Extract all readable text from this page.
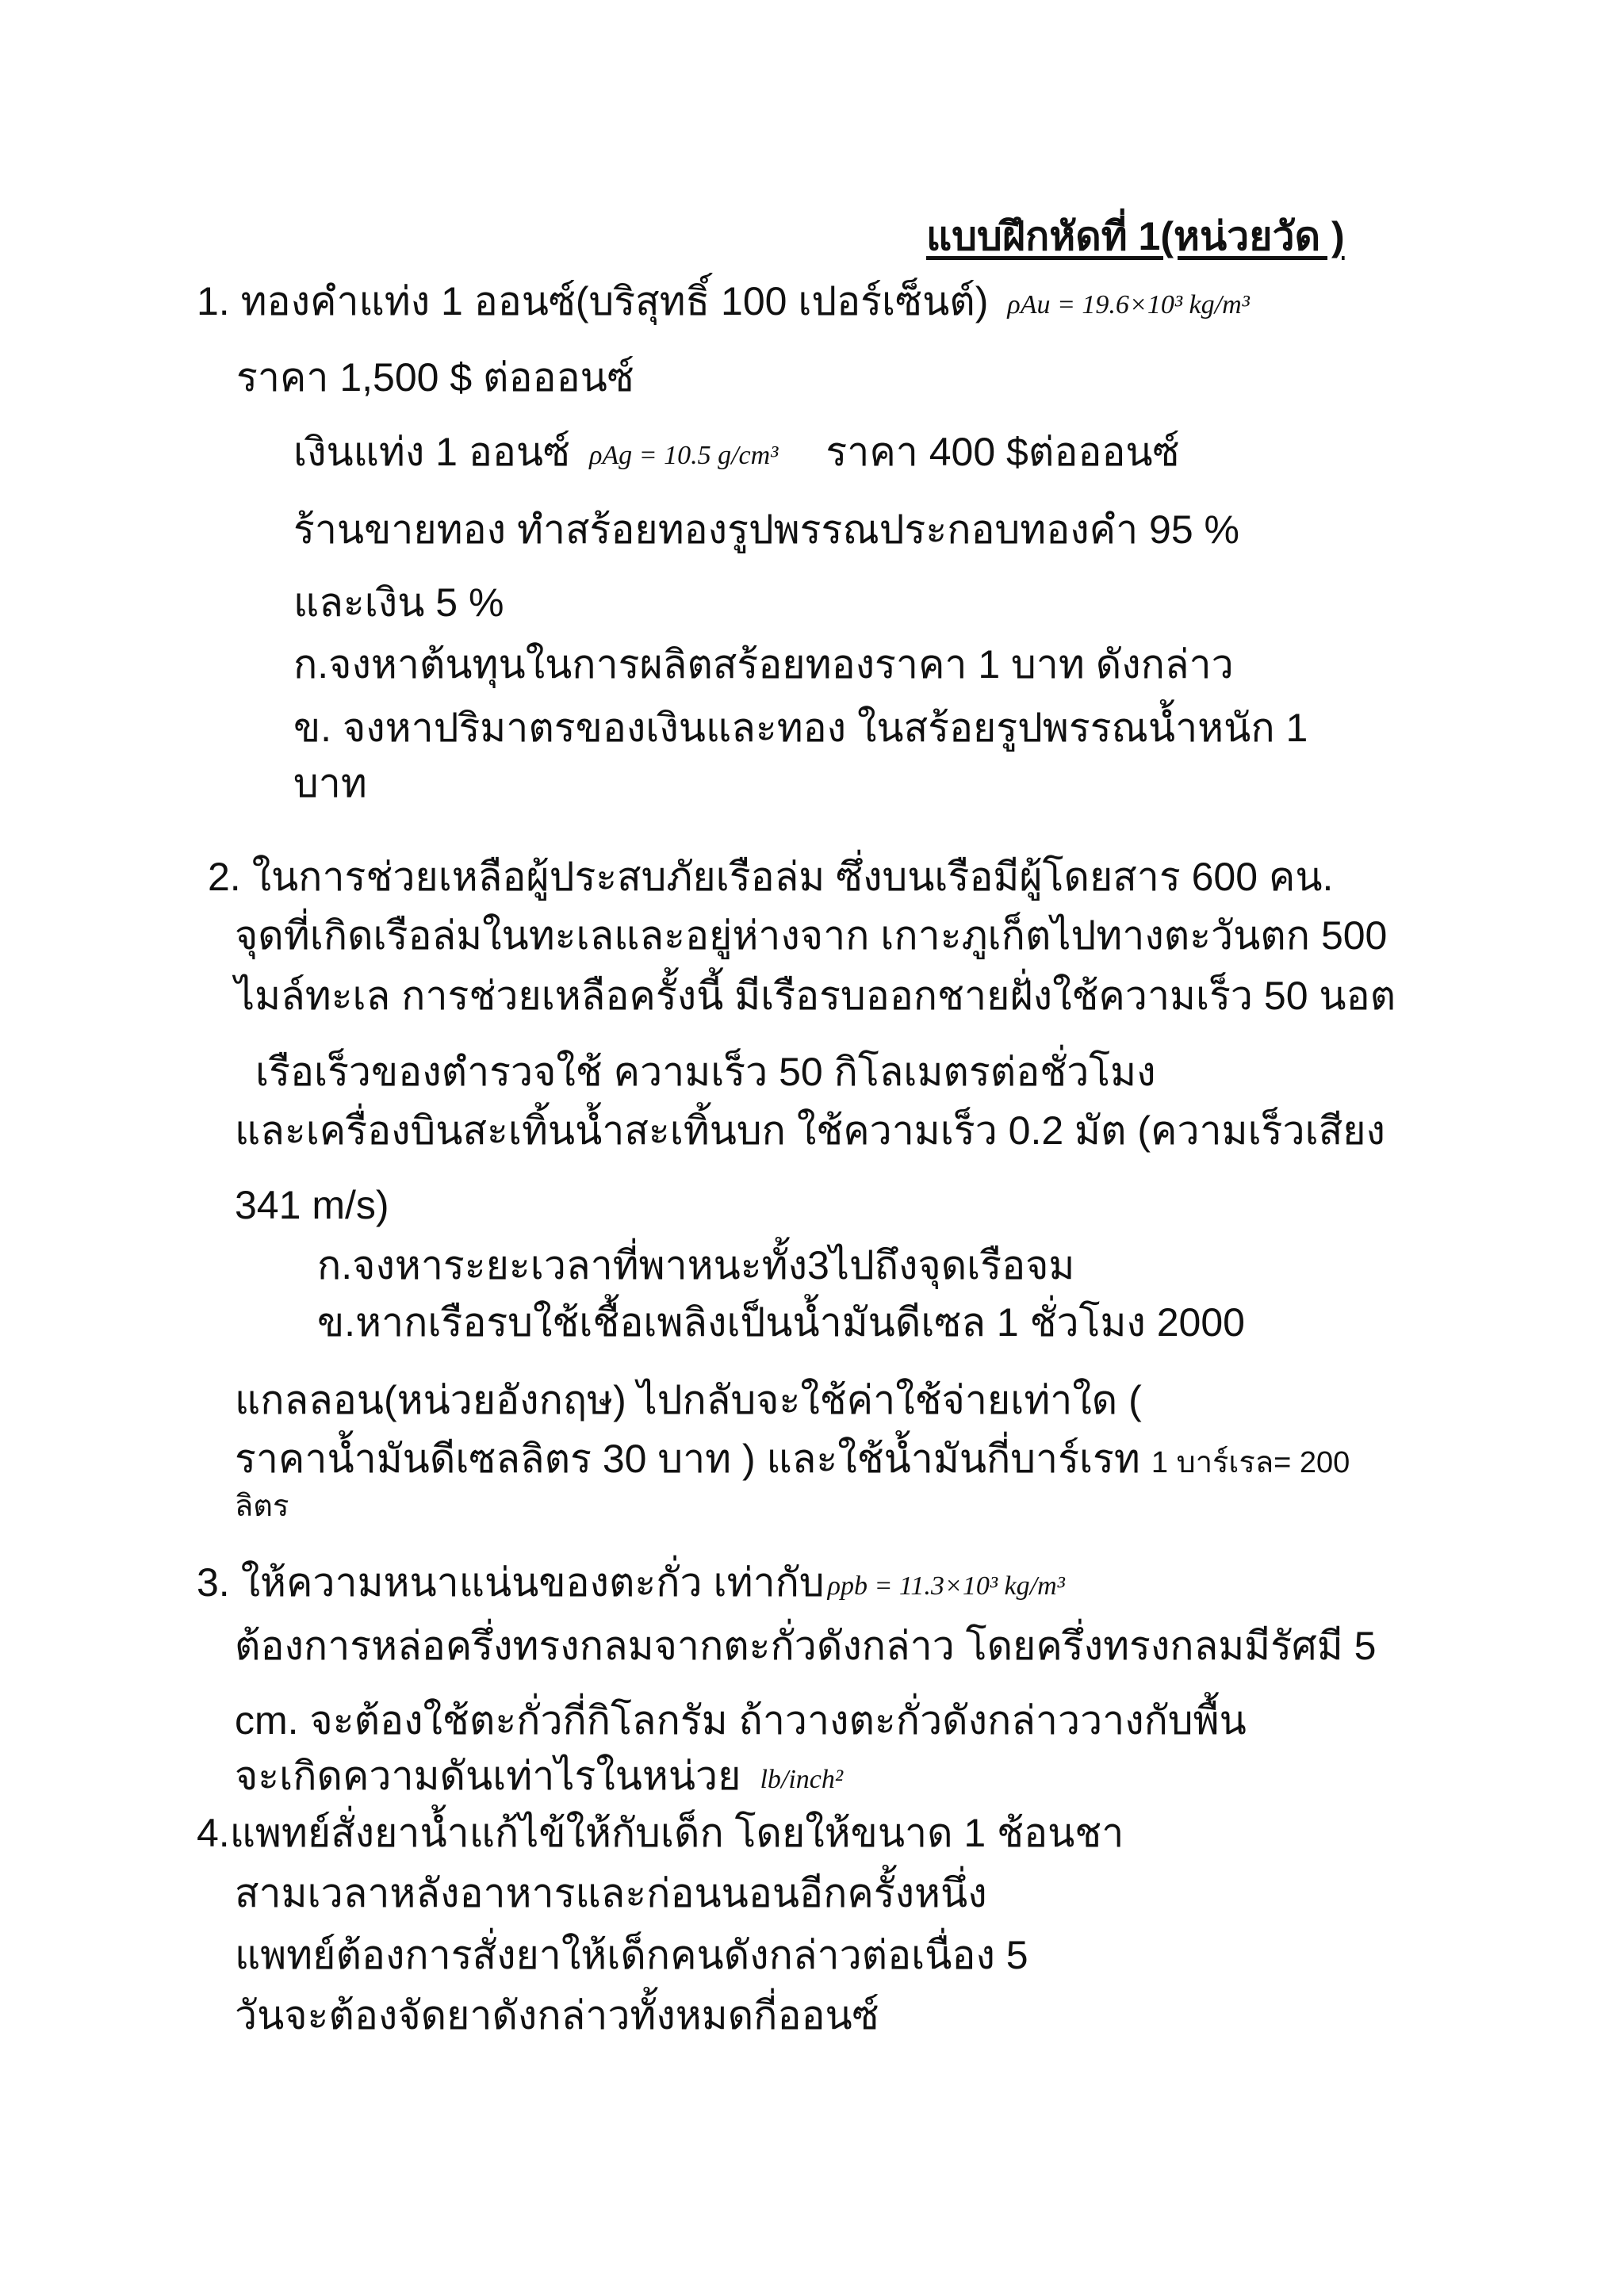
แบบฝึกหัดที่ 1(หน่วยวัด )
1. ทองคำแท่ง 1 ออนซ์(บริสุทธิ์ 100 เปอร์เซ็นต์) ρAu = 19.6×10³ kg/m³
ราคา 1,500 $ ต่อออนซ์
เงินแท่ง 1 ออนซ์ ρAg = 10.5 g/cm³ ราคา 400 $ต่อออนซ์
ร้านขายทอง ทำสร้อยทองรูปพรรณประกอบทองคำ 95 %
และเงิน 5 %
ก.จงหาต้นทุนในการผลิตสร้อยทองราคา 1 บาท ดังกล่าว
ข. จงหาปริมาตรของเงินและทอง ในสร้อยรูปพรรณน้ำหนัก 1
บาท
2. ในการช่วยเหลือผู้ประสบภัยเรือล่ม ซึ่งบนเรือมีผู้โดยสาร 600 คน.
จุดที่เกิดเรือล่มในทะเลและอยู่ห่างจาก เกาะภูเก็ตไปทางตะวันตก 500
ไมล์ทะเล การช่วยเหลือครั้งนี้ มีเรือรบออกชายฝั่งใช้ความเร็ว 50 นอต
เรือเร็วของตำรวจใช้ ความเร็ว 50 กิโลเมตรต่อชั่วโมง
และเครื่องบินสะเทิ้นน้ำสะเทิ้นบก ใช้ความเร็ว 0.2 มัต (ความเร็วเสียง
341 m/s)
ก.จงหาระยะเวลาที่พาหนะทั้ง3ไปถึงจุดเรือจม
ข.หากเรือรบใช้เชื้อเพลิงเป็นน้ำมันดีเซล 1 ชั่วโมง 2000
แกลลอน(หน่วยอังกฤษ) ไปกลับจะใช้ค่าใช้จ่ายเท่าใด (
ราคาน้ำมันดีเซลลิตร 30 บาท ) และใช้น้ำมันกี่บาร์เรท 1 บาร์เรล= 200
ลิตร
3. ให้ความหนาแน่นของตะกั่ว เท่ากับ ρpb = 11.3×10³ kg/m³
ต้องการหล่อครึ่งทรงกลมจากตะกั่วดังกล่าว โดยครึ่งทรงกลมมีรัศมี 5
cm. จะต้องใช้ตะกั่วกี่กิโลกรัม ถ้าวางตะกั่วดังกล่าววางกับพื้น
จะเกิดความดันเท่าไรในหน่วย lb/inch²
4.แพทย์สั่งยาน้ำแก้ไข้ให้กับเด็ก โดยให้ขนาด 1 ช้อนชา
สามเวลาหลังอาหารและก่อนนอนอีกครั้งหนึ่ง
แพทย์ต้องการสั่งยาให้เด็กคนดังกล่าวต่อเนื่อง 5
วันจะต้องจัดยาดังกล่าวทั้งหมดกี่ออนซ์
